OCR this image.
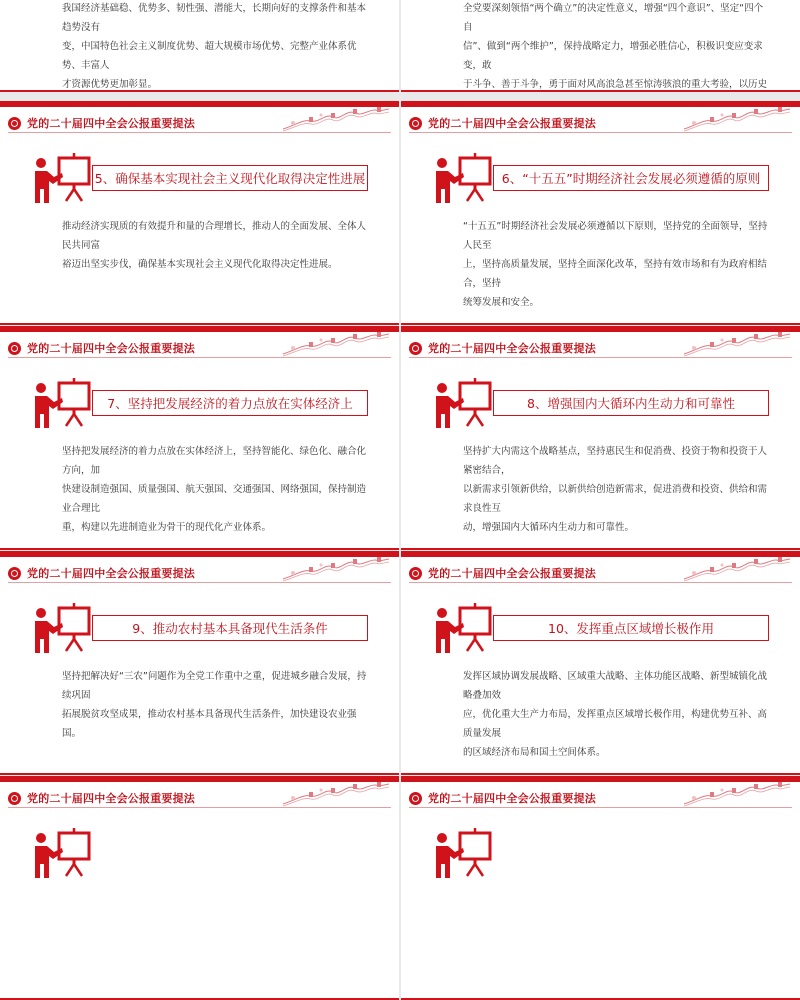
我国经济基础稳、优势多、韧性强、潜能大，长期向好的支撑条件和基本趋势没有
变，中国特色社会主义制度优势、超大规模市场优势、完整产业体系优势、丰富人
才资源优势更加彰显。
全党要深刻领悟“两个确立”的决定性意义，增强“四个意识”、坚定“四个自
信”、做到“两个维护”，保持战略定力，增强必胜信心，积极识变应变求变，敢
于斗争、善于斗争，勇于面对风高浪急甚至惊涛骇浪的重大考验，以历史
党的二十届四中全会公报重要提法
5、确保基本实现社会主义现代化取得决定性进展
推动经济实现质的有效提升和量的合理增长，推动人的全面发展、全体人民共同富
裕迈出坚实步伐，确保基本实现社会主义现代化取得决定性进展。
党的二十届四中全会公报重要提法
6、“十五五”时期经济社会发展必须遵循的原则
“十五五”时期经济社会发展必须遵循以下原则，坚持党的全面领导，坚持人民至
上，坚持高质量发展，坚持全面深化改革，坚持有效市场和有为政府相结合，坚持
统筹发展和安全。
党的二十届四中全会公报重要提法
7、坚持把发展经济的着力点放在实体经济上
坚持把发展经济的着力点放在实体经济上，坚持智能化、绿色化、融合化方向，加
快建设制造强国、质量强国、航天强国、交通强国、网络强国，保持制造业合理比
重，构建以先进制造业为骨干的现代化产业体系。
党的二十届四中全会公报重要提法
8、增强国内大循环内生动力和可靠性
坚持扩大内需这个战略基点，坚持惠民生和促消费、投资于物和投资于人紧密结合，
以新需求引领新供给，以新供给创造新需求，促进消费和投资、供给和需求良性互
动，增强国内大循环内生动力和可靠性。
党的二十届四中全会公报重要提法
9、推动农村基本具备现代生活条件
坚持把解决好“三农”问题作为全党工作重中之重，促进城乡融合发展，持续巩固
拓展脱贫攻坚成果，推动农村基本具备现代生活条件，加快建设农业强国。
党的二十届四中全会公报重要提法
10、发挥重点区域增长极作用
发挥区域协调发展战略、区域重大战略、主体功能区战略、新型城镇化战略叠加效
应，优化重大生产力布局，发挥重点区域增长极作用，构建优势互补、高质量发展
的区域经济布局和国土空间体系。
党的二十届四中全会公报重要提法	党的二十届四中全会公报重要提法
